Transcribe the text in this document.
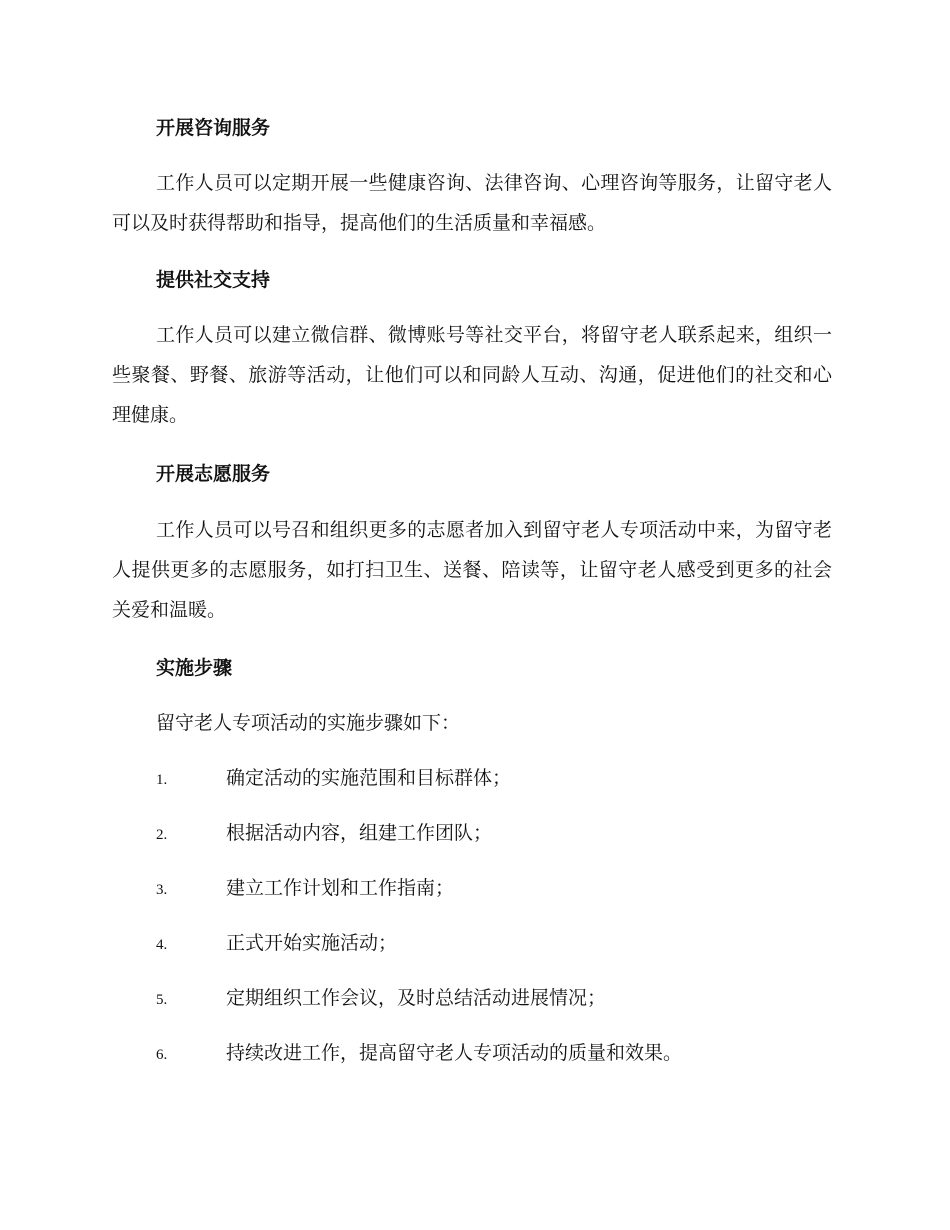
开展咨询服务
工作人员可以定期开展一些健康咨询、法律咨询、心理咨询等服务，让留守老人可以及时获得帮助和指导，提高他们的生活质量和幸福感。
提供社交支持
工作人员可以建立微信群、微博账号等社交平台，将留守老人联系起来，组织一些聚餐、野餐、旅游等活动，让他们可以和同龄人互动、沟通，促进他们的社交和心理健康。
开展志愿服务
工作人员可以号召和组织更多的志愿者加入到留守老人专项活动中来，为留守老人提供更多的志愿服务，如打扫卫生、送餐、陪读等，让留守老人感受到更多的社会关爱和温暖。
实施步骤
留守老人专项活动的实施步骤如下：
1.	确定活动的实施范围和目标群体；
2.	根据活动内容，组建工作团队；
3.	建立工作计划和工作指南；
4.	正式开始实施活动；
5.	定期组织工作会议，及时总结活动进展情况；
6.	持续改进工作，提高留守老人专项活动的质量和效果。
